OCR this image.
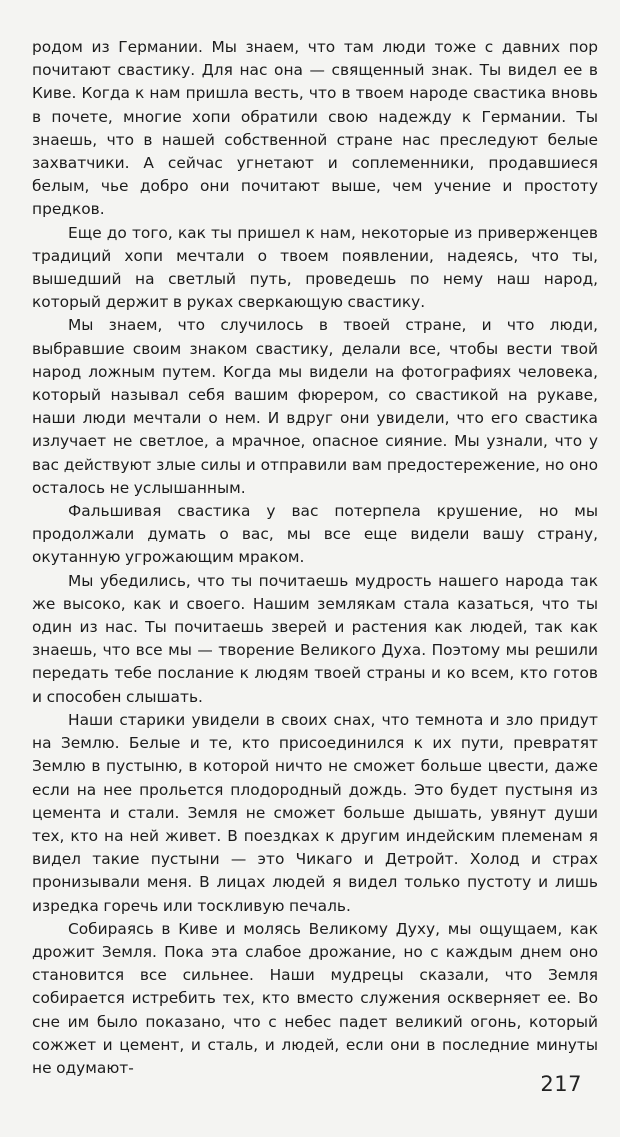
родом из Германии. Мы знаем, что там люди тоже с давних пор почитают свастику. Для нас она — священный знак. Ты видел ее в Киве. Когда к нам пришла весть, что в твоем народе свастика вновь в почете, многие хопи обратили свою надежду к Германии. Ты знаешь, что в нашей собственной стране нас преследуют белые захватчики. А сейчас угнетают и соплеменники, продавшиеся белым, чье добро они почитают выше, чем учение и простоту предков.

Еще до того, как ты пришел к нам, некоторые из приверженцев традиций хопи мечтали о твоем появлении, надеясь, что ты, вышедший на светлый путь, проведешь по нему наш народ, который держит в руках сверкающую свастику.

Мы знаем, что случилось в твоей стране, и что люди, выбравшие своим знаком свастику, делали все, чтобы вести твой народ ложным путем. Когда мы видели на фотографиях человека, который называл себя вашим фюрером, со свастикой на рукаве, наши люди мечтали о нем. И вдруг они увидели, что его свастика излучает не светлое, а мрачное, опасное сияние. Мы узнали, что у вас действуют злые силы и отправили вам предостережение, но оно осталось не услышанным.

Фальшивая свастика у вас потерпела крушение, но мы продолжали думать о вас, мы все еще видели вашу страну, окутанную угрожающим мраком.

Мы убедились, что ты почитаешь мудрость нашего народа так же высоко, как и своего. Нашим землякам стала казаться, что ты один из нас. Ты почитаешь зверей и растения как людей, так как знаешь, что все мы — творение Великого Духа. Поэтому мы решили передать тебе послание к людям твоей страны и ко всем, кто готов и способен слышать.

Наши старики увидели в своих снах, что темнота и зло придут на Землю. Белые и те, кто присоединился к их пути, превратят Землю в пустыню, в которой ничто не сможет больше цвести, даже если на нее прольется плодородный дождь. Это будет пустыня из цемента и стали. Земля не сможет больше дышать, увянут души тех, кто на ней живет. В поездках к другим индейским племенам я видел такие пустыни — это Чикаго и Детройт. Холод и страх пронизывали меня. В лицах людей я видел только пустоту и лишь изредка горечь или тоскливую печаль.

Собираясь в Киве и молясь Великому Духу, мы ощущаем, как дрожит Земля. Пока эта слабое дрожание, но с каждым днем оно становится все сильнее. Наши мудрецы сказали, что Земля собирается истребить тех, кто вместо служения оскверняет ее. Во сне им было показано, что с небес падет великий огонь, который сожжет и цемент, и сталь, и людей, если они в последние минуты не одумают-

217
